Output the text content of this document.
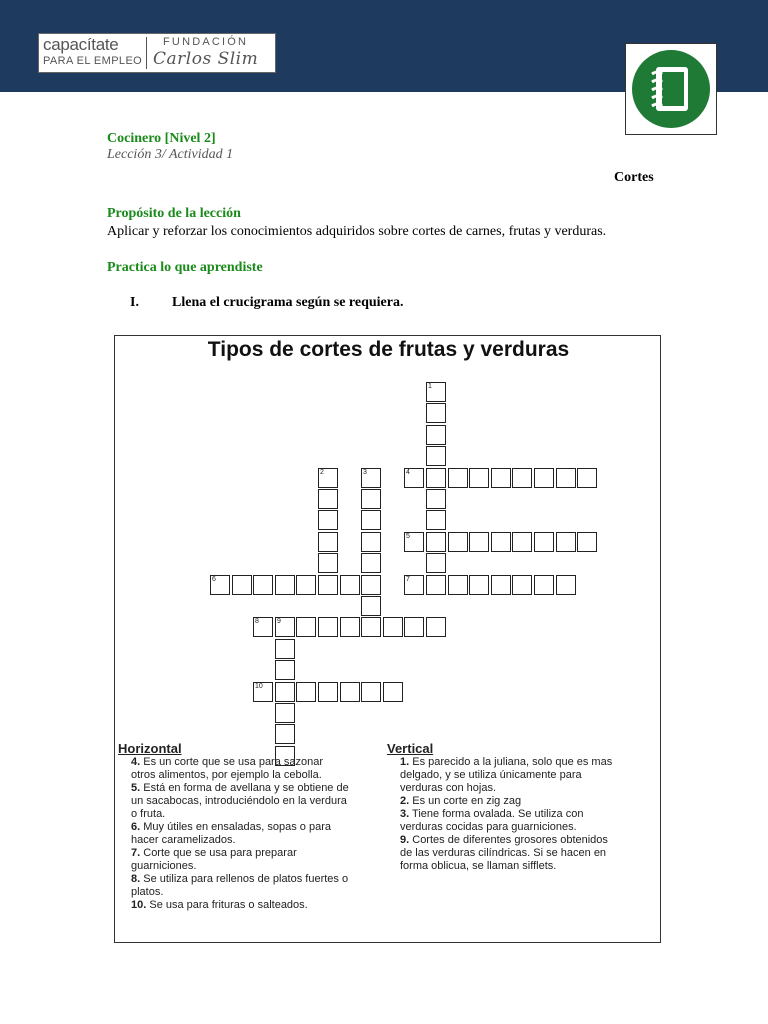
capacítate
PARA EL EMPLEO
FUNDACIÓN
Carlos Slim
Cocinero [Nivel 2]
Lección 3/ Actividad 1
Cortes
Propósito de la lección
Aplicar y reforzar los conocimientos adquiridos sobre cortes de carnes, frutas y verduras.
Practica lo que aprendiste
I. Llena el crucigrama según se requiera.
Tipos de cortes de frutas y verduras
1
2	3	4
5
6	7
8	9
10
Horizontal
4. Es un corte que se usa para sazonar
otros alimentos, por ejemplo la cebolla.
5. Está en forma de avellana y se obtiene de
un sacabocas, introduciéndolo en la verdura
o fruta.
6. Muy útiles en ensaladas, sopas o para
hacer caramelizados.
7. Corte que se usa para preparar
guarniciones.
8. Se utiliza para rellenos de platos fuertes o
platos.
10. Se usa para frituras o salteados.
Vertical
1. Es parecido a la juliana, solo que es mas
delgado, y se utiliza únicamente para
verduras con hojas.
2. Es un corte en zig zag
3. Tiene forma ovalada. Se utiliza con
verduras cocidas para guarniciones.
9. Cortes de diferentes grosores obtenidos
de las verduras cilíndricas. Si se hacen en
forma oblicua, se llaman sifflets.
